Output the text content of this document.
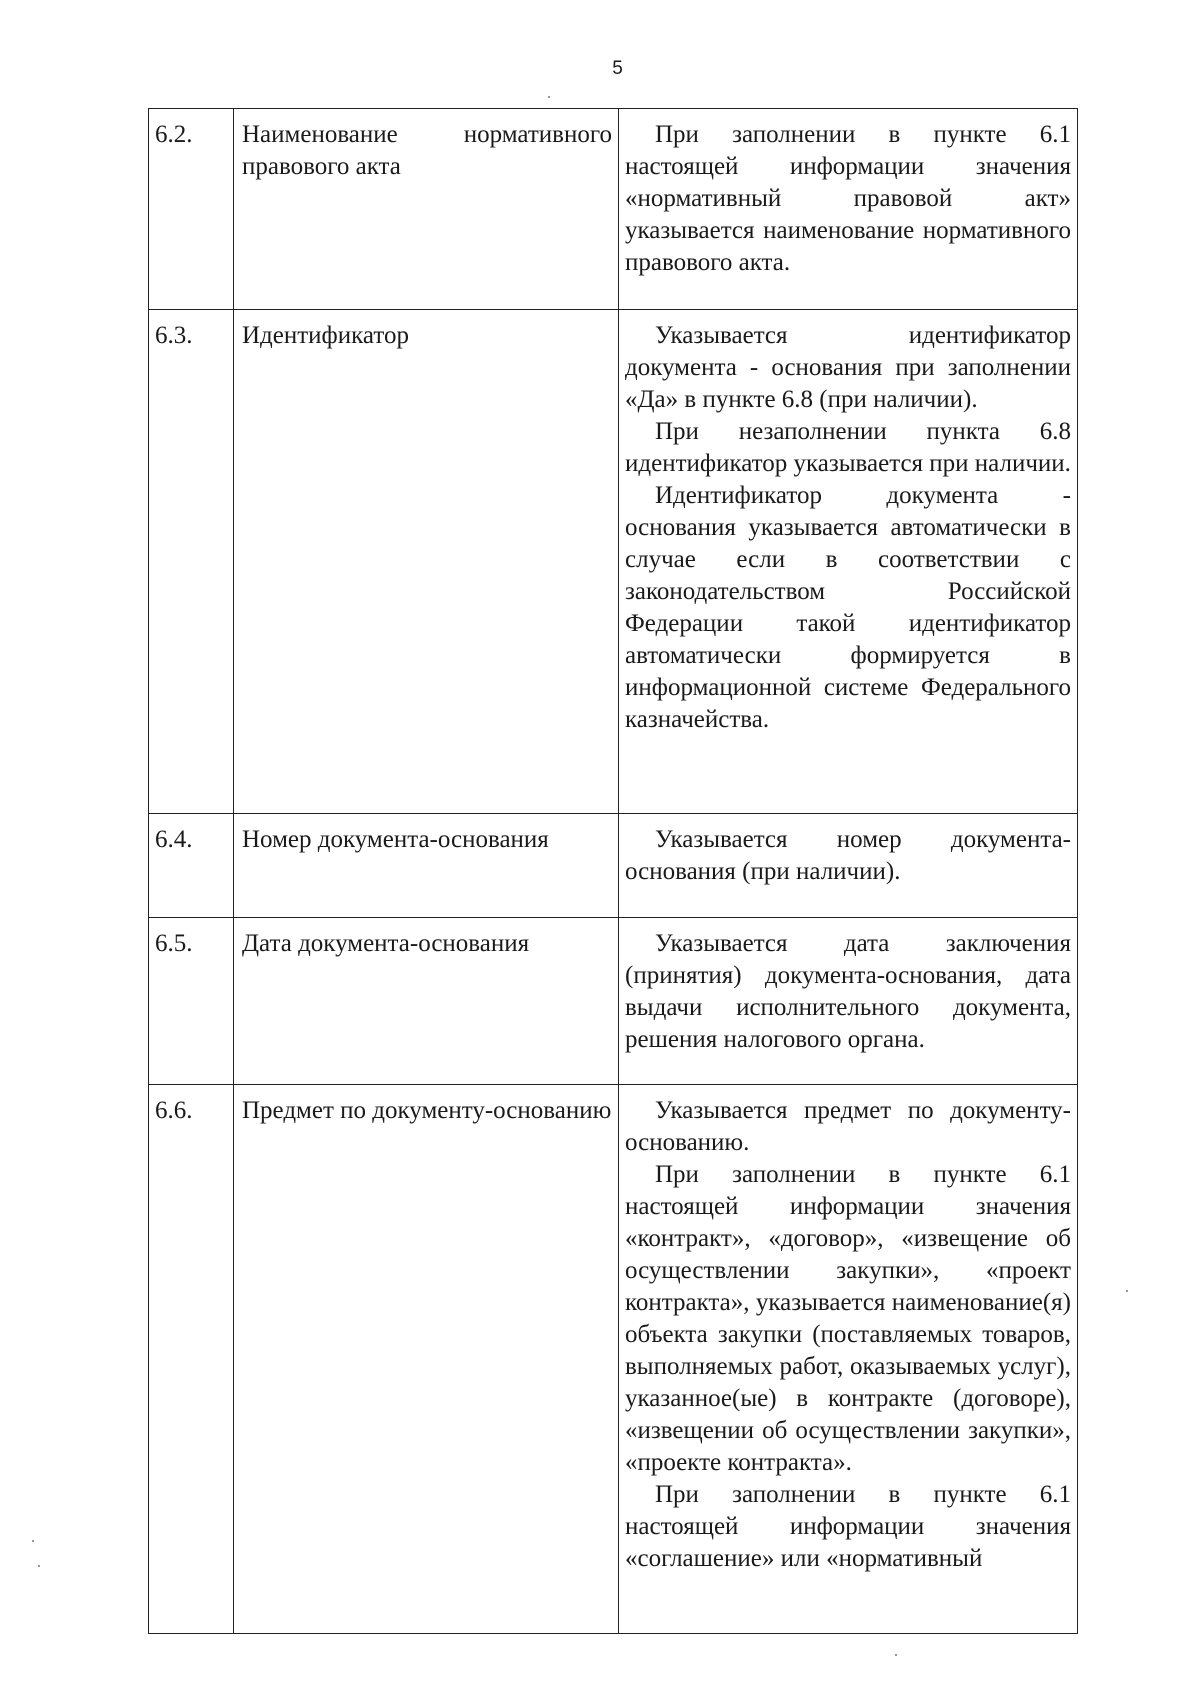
5
6.2.	Наименование нормативного правового акта	При заполнении в пункте 6.1 настоящей информации значения «нормативный правовой акт» указывается наименование нормативного правового акта.

6.3.	Идентификатор	Указывается идентификатор документа - основания при заполнении «Да» в пункте 6.8 (при наличии).

При незаполнении пункта 6.8 идентификатор указывается при наличии.

Идентификатор документа - основания указывается автоматически в случае если в соответствии с законодательством Российской Федерации такой идентификатор автоматически формируется в информационной системе Федерального казначейства.

6.4.	Номер документа-основания	Указывается номер документа-основания (при наличии).

6.5.	Дата документа-основания	Указывается дата заключения (принятия) документа-основания, дата выдачи исполнительного документа, решения налогового органа.

6.6.	Предмет по документу-основанию	Указывается предмет по документу-основанию.

При заполнении в пункте 6.1 настоящей информации значения «контракт», «договор», «извещение об осуществлении закупки», «проект контракта», указывается наименование(я) объекта закупки (поставляемых товаров, выполняемых работ, оказываемых услуг), указанное(ые) в контракте (договоре), «извещении об осуществлении закупки», «проекте контракта».

При заполнении в пункте 6.1 настоящей информации значения «соглашение» или «нормативный
